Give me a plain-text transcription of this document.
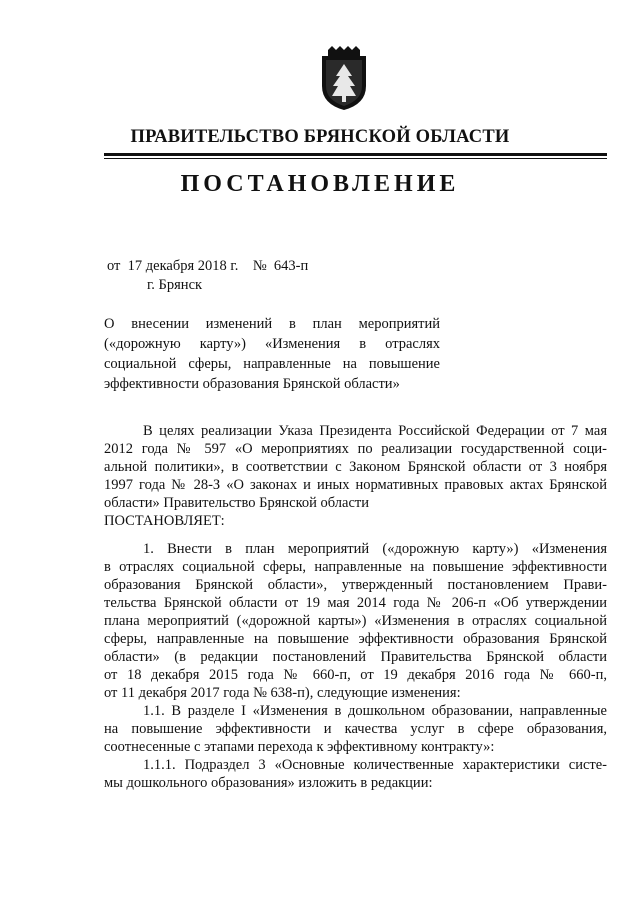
ПРАВИТЕЛЬСТВО БРЯНСКОЙ ОБЛАСТИ
ПОСТАНОВЛЕНИЕ
от  17 декабря 2018 г.    №  643-п
г. Брянск
О внесении изменений в план мероприятий
(«дорожную карту») «Изменения в отраслях
социальной сферы, направленные на повышение
эффективности образования Брянской области»
В целях реализации Указа Президента Российской Федерации от 7 мая
2012 года № 597 «О мероприятиях по реализации государственной соци-
альной политики», в соответствии с Законом Брянской области от 3 ноября
1997 года № 28-З «О законах и иных нормативных правовых актах Брянской
области» Правительство Брянской области
ПОСТАНОВЛЯЕТ:
1. Внести в план мероприятий («дорожную карту») «Изменения
в отраслях социальной сферы, направленные на повышение эффективности
образования Брянской области», утвержденный постановлением Прави-
тельства Брянской области от 19 мая 2014 года № 206-п «Об утверждении
плана мероприятий («дорожной карты») «Изменения в отраслях социальной
сферы, направленные на повышение эффективности образования Брянской
области» (в редакции постановлений Правительства Брянской области
от 18 декабря 2015 года № 660-п, от 19 декабря 2016 года № 660-п,
от 11 декабря 2017 года № 638-п), следующие изменения:
1.1. В разделе I «Изменения в дошкольном образовании, направленные
на повышение эффективности и качества услуг в сфере образования,
соотнесенные с этапами перехода к эффективному контракту»:
1.1.1. Подраздел 3 «Основные количественные характеристики систе-
мы дошкольного образования» изложить в редакции:
